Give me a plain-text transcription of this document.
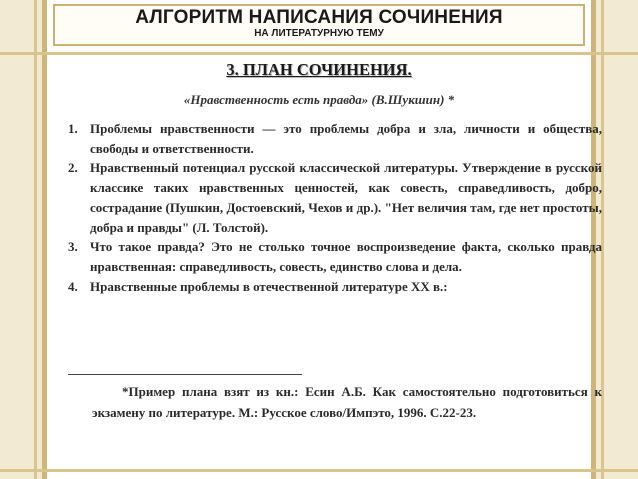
АЛГОРИТМ НАПИСАНИЯ СОЧИНЕНИЯ
НА ЛИТЕРАТУРНУЮ ТЕМУ
3. ПЛАН СОЧИНЕНИЯ.
«Нравственность есть правда» (В.Шукшин) *
1. Проблемы нравственности — это проблемы добра и зла, личности и общества, свободы и ответственности.
2. Нравственный потенциал русской классической литературы. Утверждение в русской классике таких нравственных ценностей, как совесть, справедливость, добро, сострадание (Пушкин, Достоевский, Чехов и др.). "Нет величия там, где нет простоты, добра и правды" (Л. Толстой).
3. Что такое правда? Это не столько точное воспроизведение факта, сколько правда нравственная: справедливость, совесть, единство слова и дела.
4. Нравственные проблемы в отечественной литературе XX в.:
*Пример плана взят из кн.: Есин А.Б. Как самостоятельно подготовиться к экзамену по литературе. М.: Русское слово/Импэто, 1996. С.22-23.
